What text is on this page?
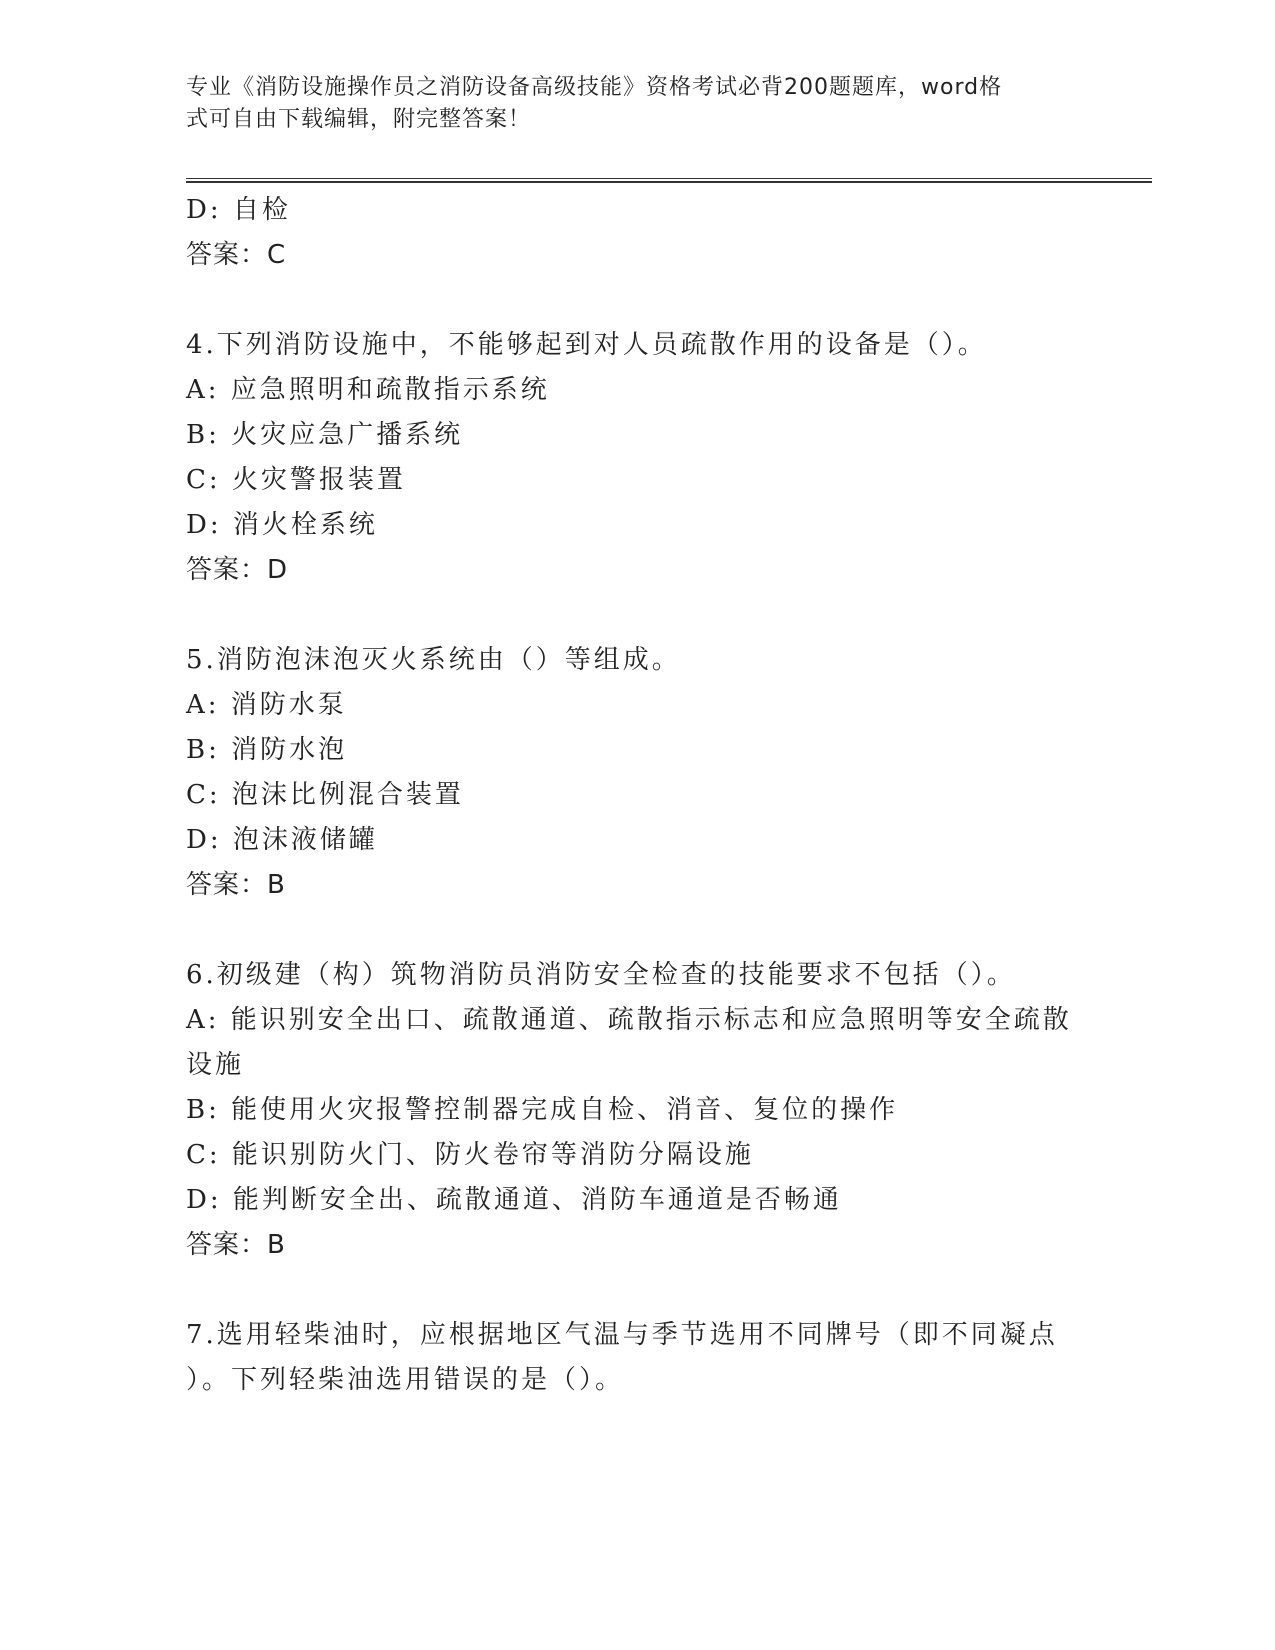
专业《消防设施操作员之消防设备高级技能》资格考试必背200题题库，word格
式可自由下载编辑，附完整答案！
D: 自检
答案：C
4.下列消防设施中，不能够起到对人员疏散作用的设备是（）。
A: 应急照明和疏散指示系统
B: 火灾应急广播系统
C: 火灾警报装置
D: 消火栓系统
答案：D
5.消防泡沫泡灭火系统由（）等组成。
A: 消防水泵
B: 消防水泡
C: 泡沫比例混合装置
D: 泡沫液储罐
答案：B
6.初级建（构）筑物消防员消防安全检查的技能要求不包括（）。
A: 能识别安全出口、疏散通道、疏散指示标志和应急照明等安全疏散
设施
B: 能使用火灾报警控制器完成自检、消音、复位的操作
C: 能识别防火门、防火卷帘等消防分隔设施
D: 能判断安全出、疏散通道、消防车通道是否畅通
答案：B
7.选用轻柴油时，应根据地区气温与季节选用不同牌号（即不同凝点
）。下列轻柴油选用错误的是（）。
